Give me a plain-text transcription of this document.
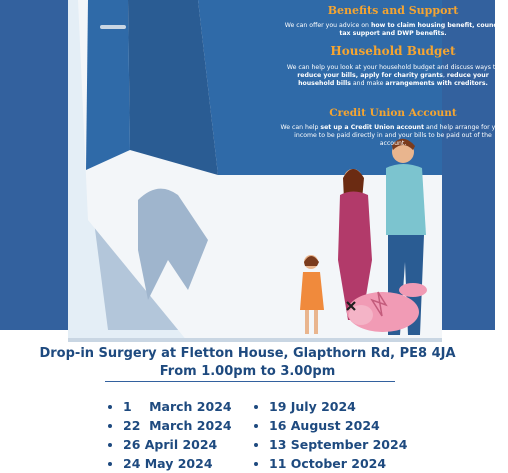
Benefits and Support

We can offer you advice on how to claim housing benefit, council tax support and DWP benefits.

Household Budget

We can help you look at your household budget and discuss ways to reduce your bills, apply for charity grants, reduce your household bills and make arrangements with creditors.

Credit Union Account

We can help set up a Credit Union account and help arrange for your income to be paid directly in and your bills to be paid out of the account.

Drop-in Surgery at Fletton House, Glapthorn Rd, PE8 4JA
From 1.00pm to 3.00pm
1    March 2024
22  March 2024
26 April 2024
24 May 2024
19 July 2024
16 August 2024
13 September 2024
11 October 2024
